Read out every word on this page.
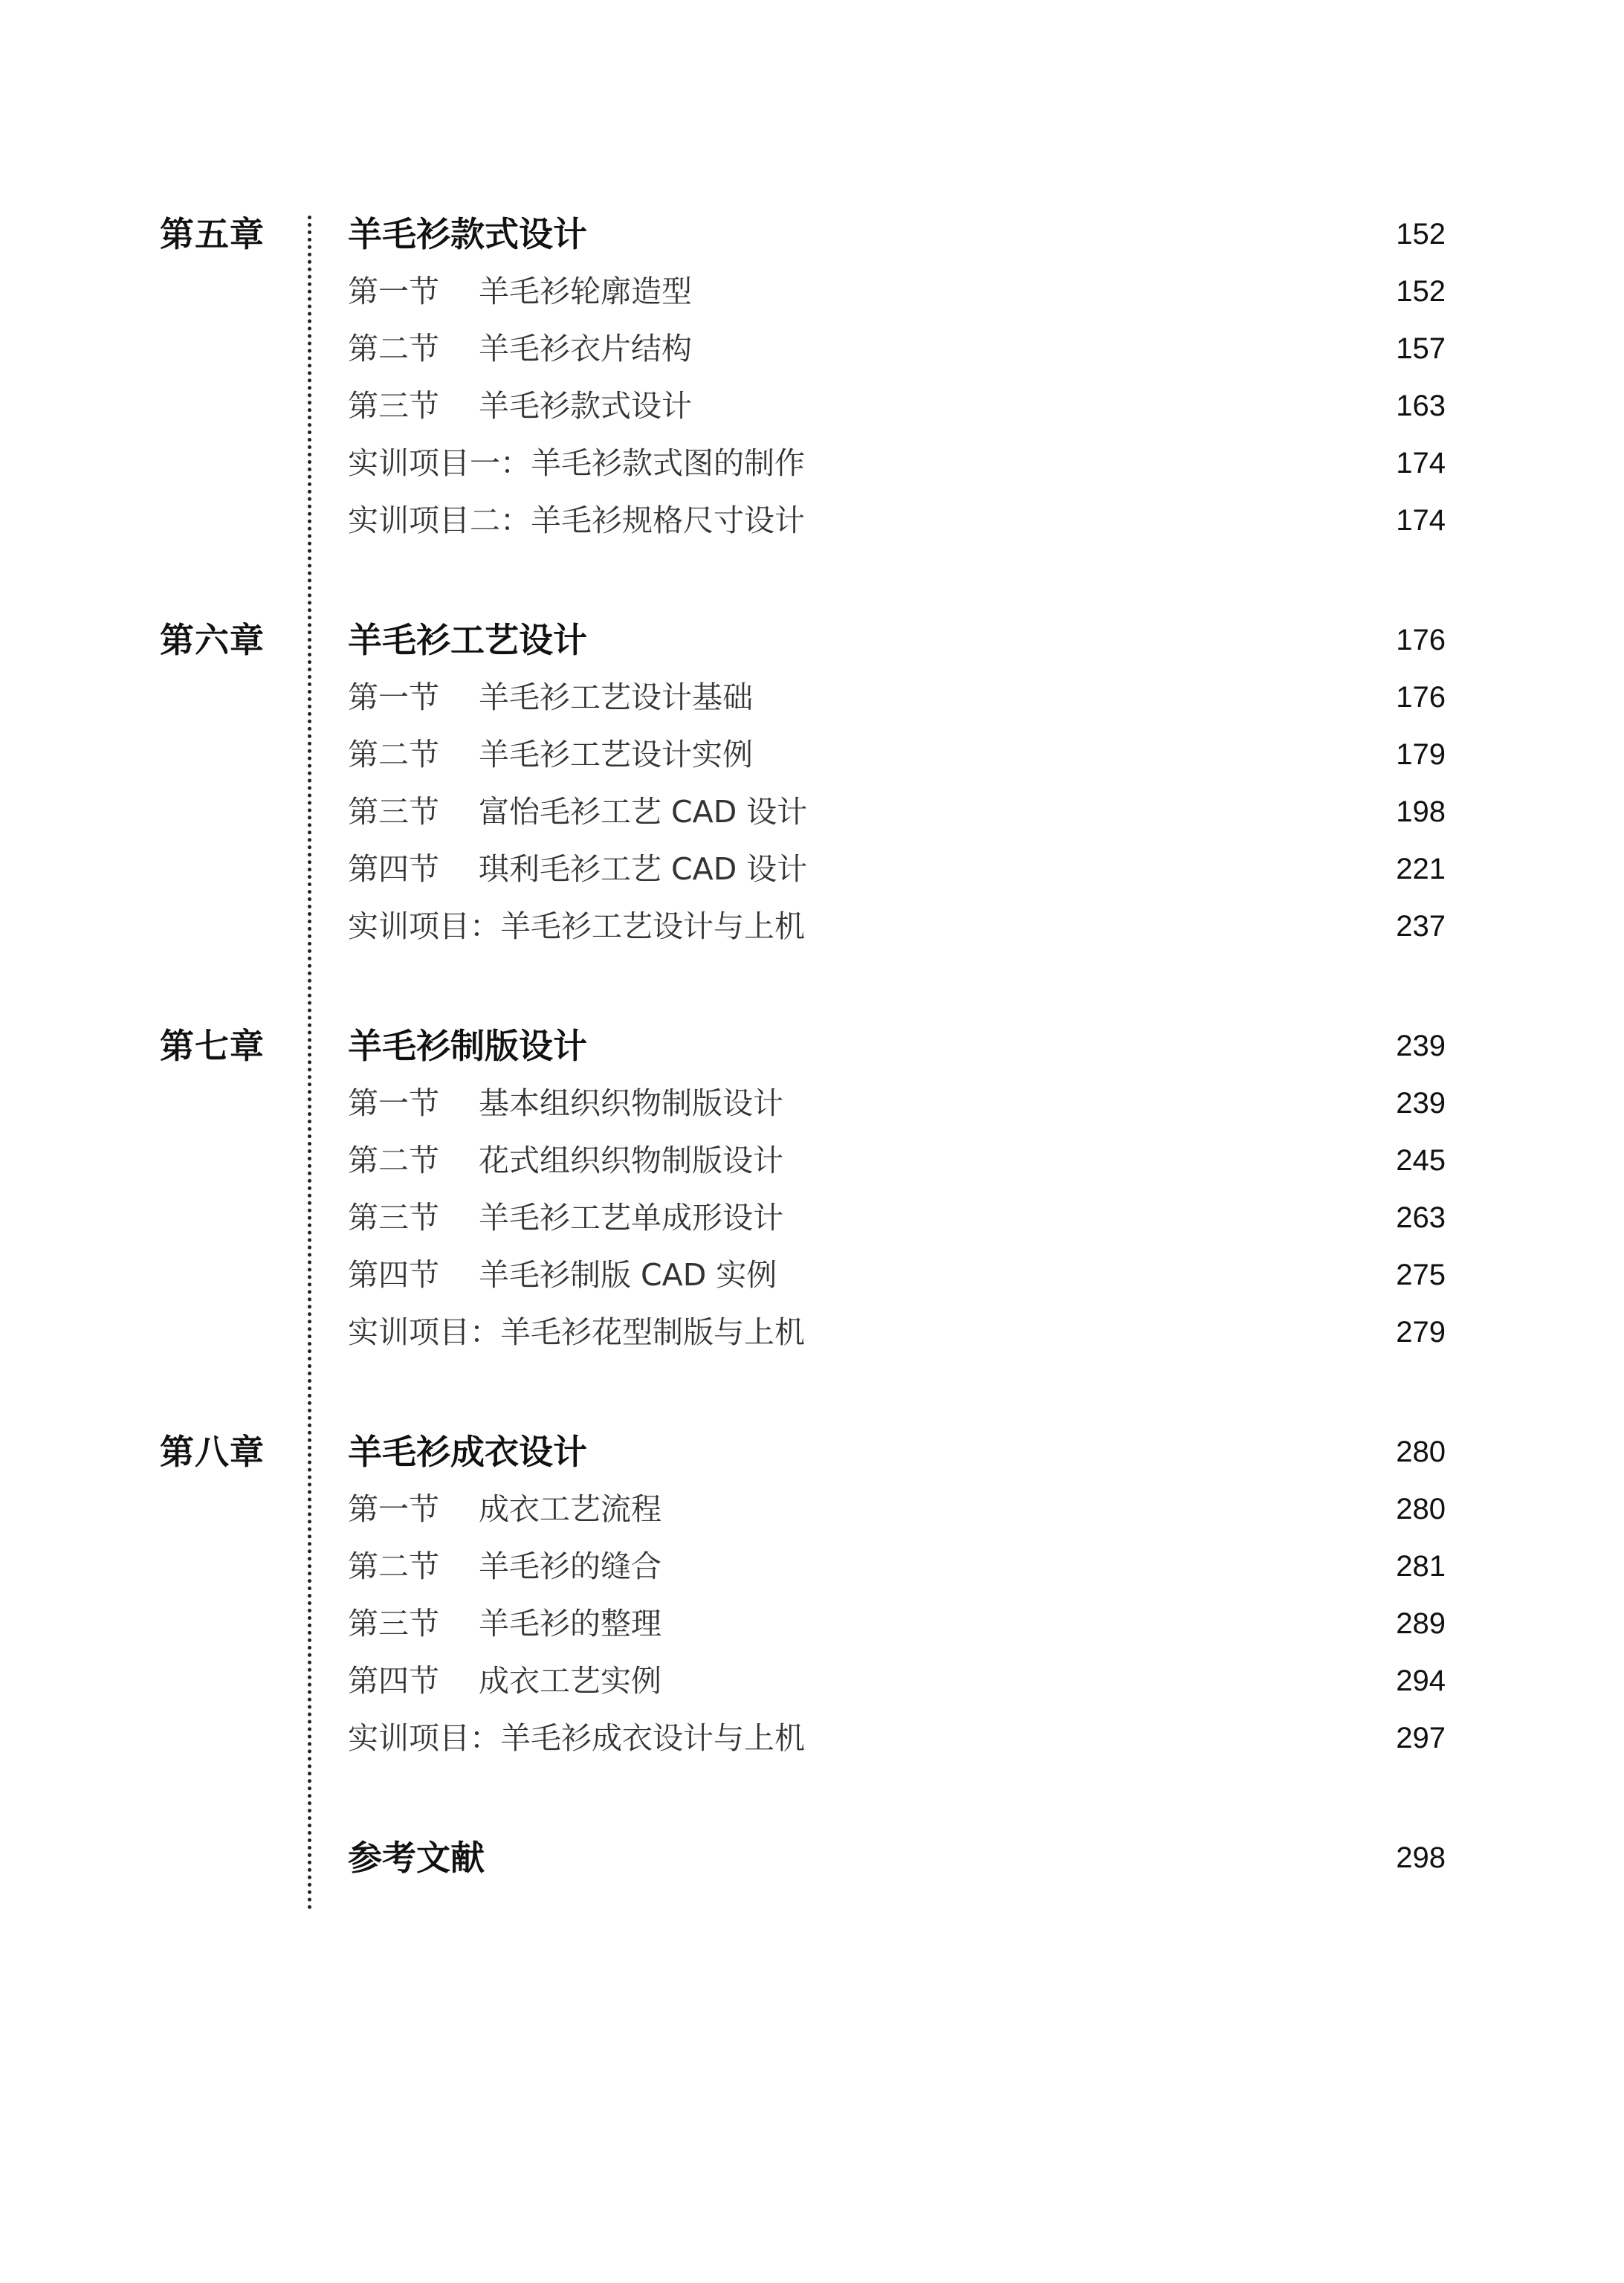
第五章 羊毛衫款式设计	152
第一节 羊毛衫轮廓造型	152
第二节 羊毛衫衣片结构	157
第三节 羊毛衫款式设计	163
实训项目一：羊毛衫款式图的制作	174
实训项目二：羊毛衫规格尺寸设计	174
第六章 羊毛衫工艺设计	176
第一节 羊毛衫工艺设计基础	176
第二节 羊毛衫工艺设计实例	179
第三节 富怡毛衫工艺 CAD 设计	198
第四节 琪利毛衫工艺 CAD 设计	221
实训项目：羊毛衫工艺设计与上机	237
第七章 羊毛衫制版设计	239
第一节 基本组织织物制版设计	239
第二节 花式组织织物制版设计	245
第三节 羊毛衫工艺单成形设计	263
第四节 羊毛衫制版 CAD 实例	275
实训项目：羊毛衫花型制版与上机	279
第八章 羊毛衫成衣设计	280
第一节 成衣工艺流程	280
第二节 羊毛衫的缝合	281
第三节 羊毛衫的整理	289
第四节 成衣工艺实例	294
实训项目：羊毛衫成衣设计与上机	297
参考文献	298
